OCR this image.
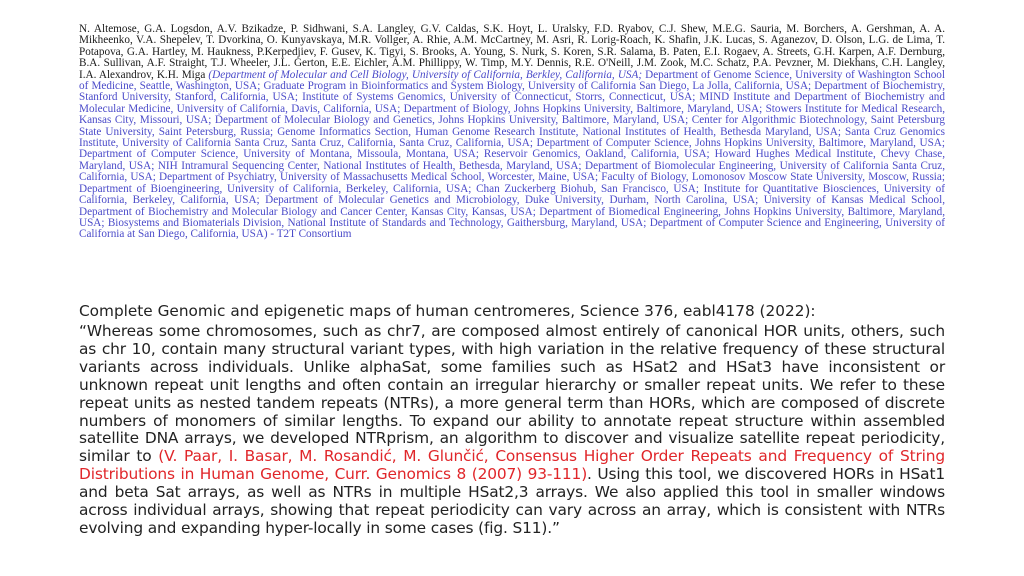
N. Altemose, G.A. Logsdon, A.V. Bzikadze, P. Sidhwani, S.A. Langley, G.V. Caldas, S.K. Hoyt, L. Uralsky, F.D. Ryabov, C.J. Shew, M.E.G. Sauria, M. Borchers, A. Gershman, A. A. Mikheenko, V.A. Shepelev, T. Dvorkina, O. Kunyavskaya, M.R. Vollger, A. Rhie, A.M. McCartney, M. Asri, R. Lorig-Roach, K. Shafin, J.K. Lucas, S. Aganezov, D. Olson, L.G. de Lima, T. Potapova, G.A. Hartley, M. Haukness, P.Kerpedjiev, F. Gusev, K. Tigyi, S. Brooks, A. Young, S. Nurk, S. Koren, S.R. Salama, B. Paten, E.I. Rogaev, A. Streets, G.H. Karpen, A.F. Dernburg, B.A. Sullivan, A.F. Straight, T.J. Wheeler, J.L. Gerton, E.E. Eichler, A.M. Phillippy, W. Timp, M.Y. Dennis, R.E. O'Neill, J.M. Zook, M.C. Schatz, P.A. Pevzner, M. Diekhans, C.H. Langley, I.A. Alexandrov, K.H. Miga (Department of Molecular and Cell Biology, University of California, Berkley, California, USA; Department of Genome Science, University of Washington School of Medicine, Seattle, Washington, USA; Graduate Program in Bioinformatics and System Biology, University of California San Diego, La Jolla, California, USA; Department of Biochemistry, Stanford University, Stanford, California, USA; Institute of Systems Genomics, University of Connecticut, Storrs, Connecticut, USA; MIND Institute and Department of Biochemistry and Molecular Medicine, University of California, Davis, California, USA; Department of Biology, Johns Hopkins University, Baltimore, Maryland, USA; Stowers Institute for Medical Research, Kansas City, Missouri, USA; Department of Molecular Biology and Genetics, Johns Hopkins University, Baltimore, Maryland, USA; Center for Algorithmic Biotechnology, Saint Petersburg State University, Saint Petersburg, Russia; Genome Informatics Section, Human Genome Research Institute, National Institutes of Health, Bethesda Maryland, USA; Santa Cruz Genomics Institute, University of California Santa Cruz, Santa Cruz, California, Santa Cruz, California, USA; Department of Computer Science, Johns Hopkins University, Baltimore, Maryland, USA; Department of Computer Science, University of Montana, Missoula, Montana, USA; Reservoir Genomics, Oakland, California, USA; Howard Hughes Medical Institute, Chevy Chase, Maryland, USA; NIH Intramural Sequencing Center, National Institutes of Health, Bethesda, Maryland, USA; Department of Biomolecular Engineering, University of California Santa Cruz, California, USA; Department of Psychiatry, University of Massachusetts Medical School, Worcester, Maine, USA; Faculty of Biology, Lomonosov Moscow State University, Moscow, Russia; Department of Bioengineering, University of California, Berkeley, California, USA; Chan Zuckerberg Biohub, San Francisco, USA; Institute for Quantitative Biosciences, University of California, Berkeley, California, USA; Department of Molecular Genetics and Microbiology, Duke University, Durham, North Carolina, USA; University of Kansas Medical School, Department of Biochemistry and Molecular Biology and Cancer Center, Kansas City, Kansas, USA; Department of Biomedical Engineering, Johns Hopkins University, Baltimore, Maryland, USA; Biosystems and Biomaterials Division, National Institute of Standards and Technology, Gaithersburg, Maryland, USA; Department of Computer Science and Engineering, University of California at San Diego, California, USA) - T2T Consortium
Complete Genomic and epigenetic maps of human centromeres, Science 376, eabl4178 (2022):
“Whereas some chromosomes, such as chr7, are composed almost entirely of canonical HOR units, others, such as chr 10, contain many structural variant types, with high variation in the relative frequency of these structural variants across individuals. Unlike alphaSat, some families such as HSat2 and HSat3 have inconsistent or unknown repeat unit lengths and often contain an irregular hierarchy or smaller repeat units. We refer to these repeat units as nested tandem repeats (NTRs), a more general term than HORs, which are composed of discrete numbers of monomers of similar lengths. To expand our ability to annotate repeat structure within assembled satellite DNA arrays, we developed NTRprism, an algorithm to discover and visualize satellite repeat periodicity, similar to (V. Paar, I. Basar, M. Rosandić, M. Glunčić, Consensus Higher Order Repeats and Frequency of String Distributions in Human Genome, Curr. Genomics 8 (2007) 93-111). Using this tool, we discovered HORs in HSat1 and beta Sat arrays, as well as NTRs in multiple HSat2,3 arrays. We also applied this tool in smaller windows across individual arrays, showing that repeat periodicity can vary across an array, which is consistent with NTRs evolving and expanding hyper-locally in some cases (fig. S11).”
